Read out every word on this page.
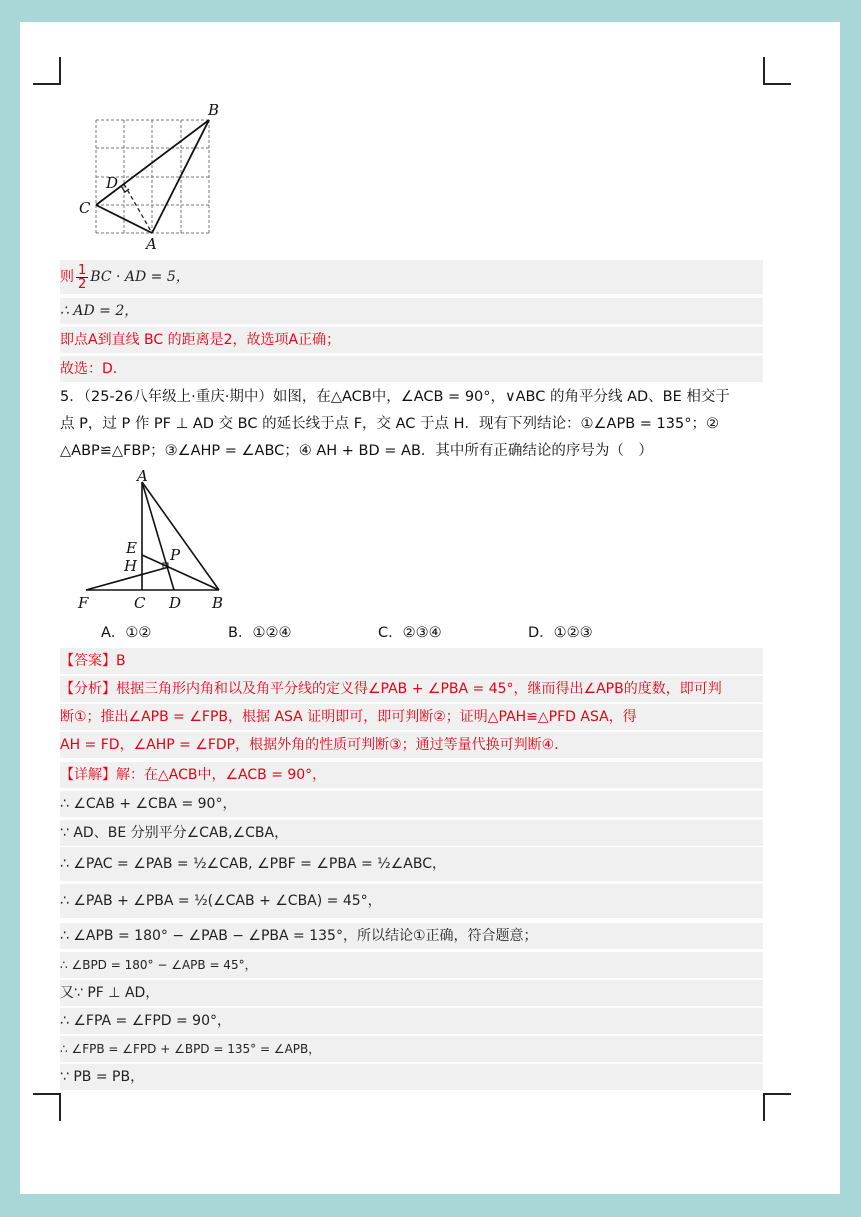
B
D
C
A
则 $\frac{1}{2}$ BC · AD = 5，
∴ AD = 2，
即点A到直线 BC 的距离是2，故选项A正确；
故选：D．
5．（25-26八年级上·重庆·期中）如图，在△ACB中，∠ACB = 90°，∨ABC 的角平分线 AD、BE 相交于
点 P，过 P 作 PF ⊥ AD 交 BC 的延长线于点 F，交 AC 于点 H．现有下列结论：①∠APB = 135°；②
△ABP≌△FBP；③∠AHP = ∠ABC；④ AH + BD = AB．其中所有正确结论的序号为（　）
A
E P
H
F	C D B
A．①②	B．①②④	C．②③④	D．①②③
【答案】B
【分析】根据三角形内角和以及角平分线的定义得∠PAB + ∠PBA = 45°，继而得出∠APB的度数，即可判
断①；推出∠APB = ∠FPB，根据 ASA 证明即可，即可判断②；证明△PAH≌△PFD ASA，得
AH = FD，∠AHP = ∠FDP，根据外角的性质可判断③；通过等量代换可判断④．
【详解】解：在△ACB中，∠ACB = 90°，
∴ ∠CAB + ∠CBA = 90°，
∵ AD、BE 分别平分∠CAB,∠CBA，
∴ ∠PAC = ∠PAB = ½∠CAB, ∠PBF = ∠PBA = ½∠ABC，
∴ ∠PAB + ∠PBA = ½(∠CAB + ∠CBA) = 45°，
∴ ∠APB = 180° − ∠PAB − ∠PBA = 135°，所以结论①正确，符合题意；
∴ ∠BPD = 180° − ∠APB = 45°，
又∵ PF ⊥ AD，
∴ ∠FPA = ∠FPD = 90°，
∴ ∠FPB = ∠FPD + ∠BPD = 135° = ∠APB，
∵ PB = PB，
